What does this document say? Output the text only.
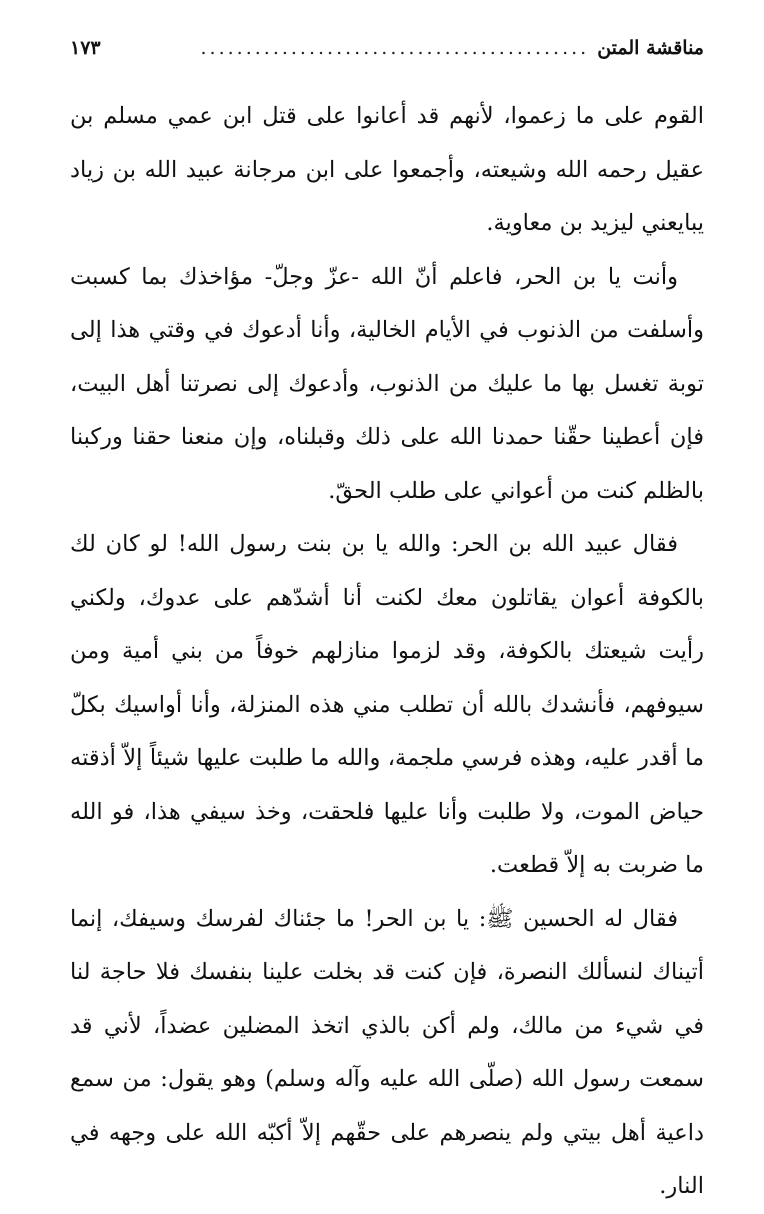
مناقشة المتن
...........................................
١٧٣

القوم على ما زعموا، لأنهم قد أعانوا على قتل ابن عمي مسلم بن عقيل رحمه الله وشيعته، وأجمعوا على ابن مرجانة عبيد الله بن زياد يبايعني ليزيد بن معاوية.

وأنت يا بن الحر، فاعلم أنّ الله -عزّ وجلّ- مؤاخذك بما كسبت وأسلفت من الذنوب في الأيام الخالية، وأنا أدعوك في وقتي هذا إلى توبة تغسل بها ما عليك من الذنوب، وأدعوك إلى نصرتنا أهل البيت، فإن أعطينا حقّنا حمدنا الله على ذلك وقبلناه، وإن منعنا حقنا وركبنا بالظلم كنت من أعواني على طلب الحقّ.

فقال عبيد الله بن الحر: والله يا بن بنت رسول الله! لو كان لك بالكوفة أعوان يقاتلون معك لكنت أنا أشدّهم على عدوك، ولكني رأيت شيعتك بالكوفة، وقد لزموا منازلهم خوفاً من بني أمية ومن سيوفهم، فأنشدك بالله أن تطلب مني هذه المنزلة، وأنا أواسيك بكلّ ما أقدر عليه، وهذه فرسي ملجمة، والله ما طلبت عليها شيئاً إلاّ أذقته حياض الموت، ولا طلبت وأنا عليها فلحقت، وخذ سيفي هذا، فو الله ما ضربت به إلاّ قطعت.

فقال له الحسين ﷺ: يا بن الحر! ما جئناك لفرسك وسيفك، إنما أتيناك لنسألك النصرة، فإن كنت قد بخلت علينا بنفسك فلا حاجة لنا في شيء من مالك، ولم أكن بالذي اتخذ المضلين عضداً، لأني قد سمعت رسول الله (صلّى الله عليه وآله وسلم) وهو يقول: من سمع داعية أهل بيتي ولم ينصرهم على حقّهم إلاّ أكبّه الله على وجهه في النار.
